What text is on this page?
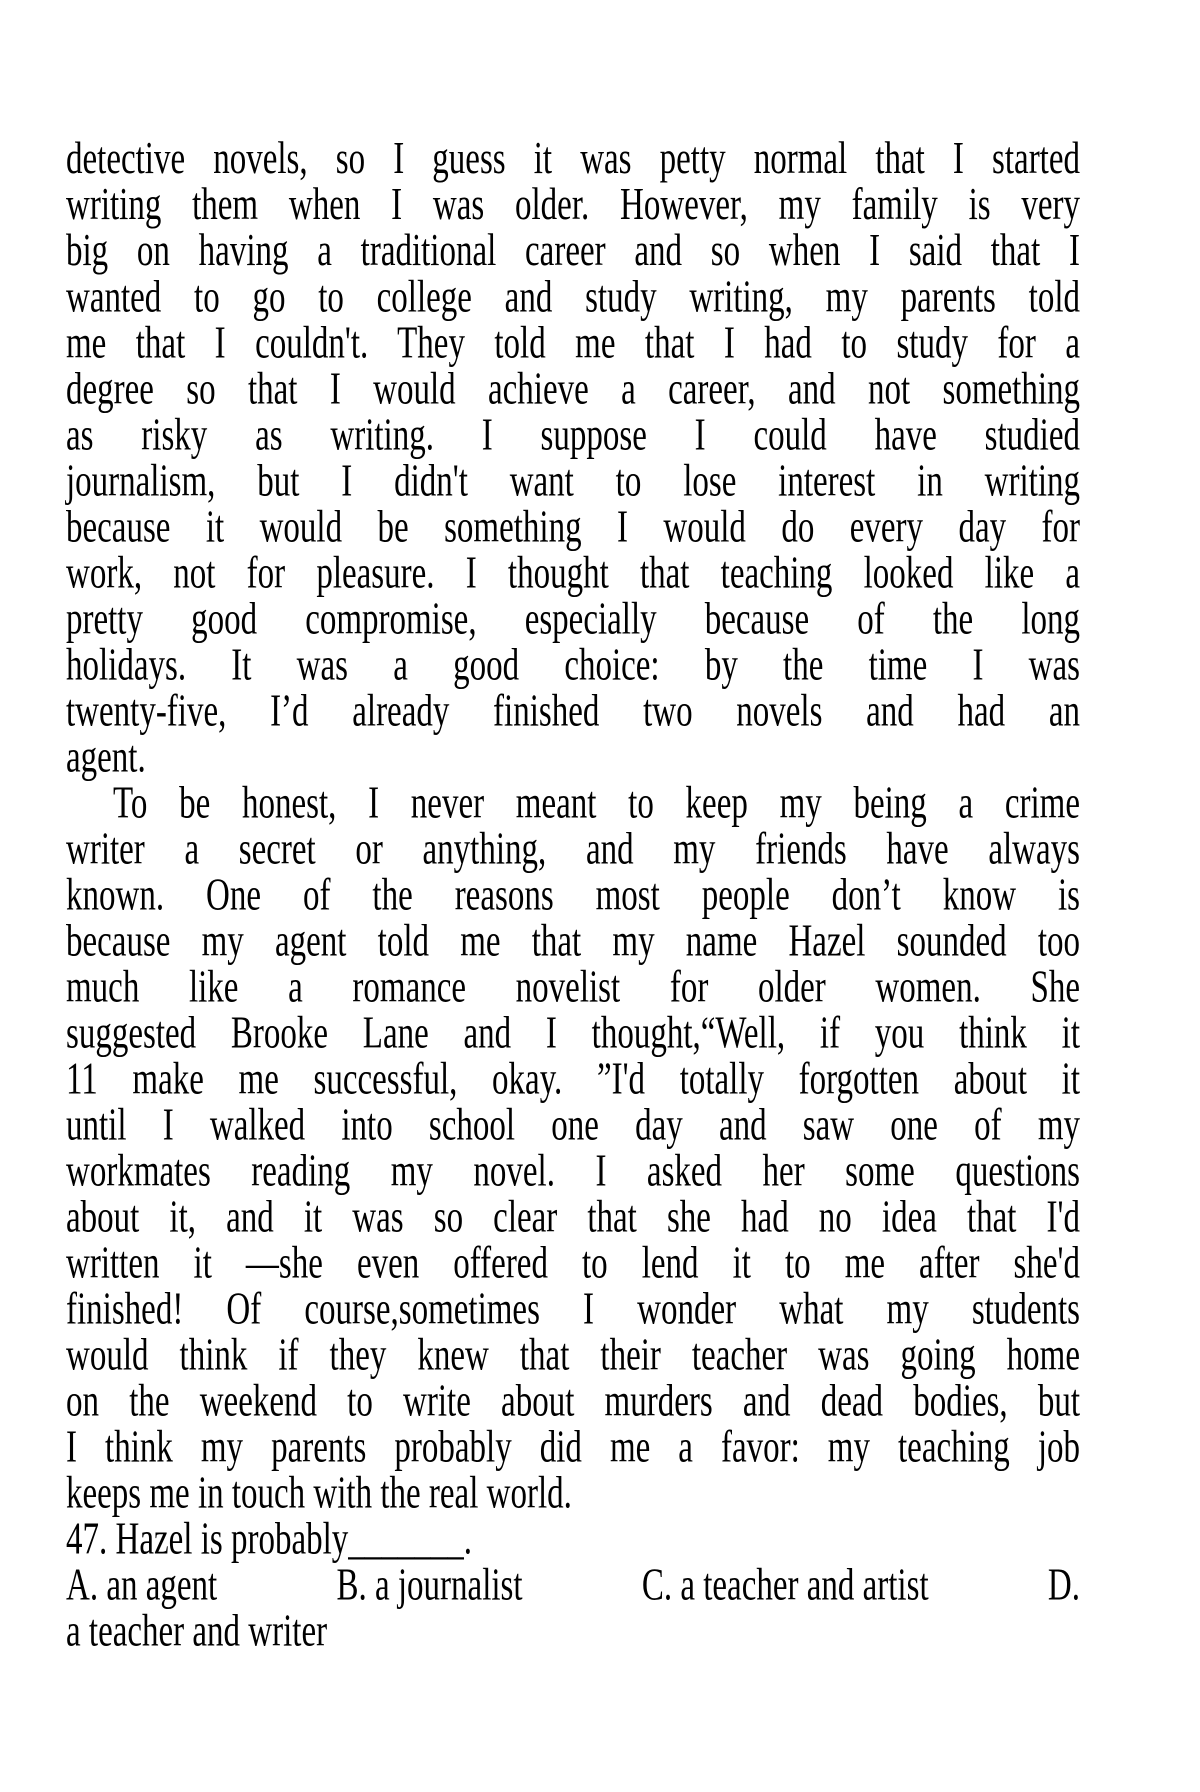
detective novels, so I guess it was petty normal that I started
writing them when I was older. However, my family is very
big on having a traditional career and so when I said that I
wanted to go to college and study writing, my parents told
me that I couldn't. They told me that I had to study for a
degree so that I would achieve a career, and not something
as risky as writing. I suppose I could have studied
journalism, but I didn't want to lose interest in writing
because it would be something I would do every day for
work, not for pleasure. I thought that teaching looked like a
pretty good compromise, especially because of the long
holidays. It was a good choice: by the time I was
twenty-five, I’d already finished two novels and had an
agent.
To be honest, I never meant to keep my being a crime
writer a secret or anything, and my friends have always
known. One of the reasons most people don’t know is
because my agent told me that my name Hazel sounded too
much like a romance novelist for older women. She
suggested Brooke Lane and I thought,“Well, if you think it
11 make me successful, okay. ”I'd totally forgotten about it
until I walked into school one day and saw one of my
workmates reading my novel. I asked her some questions
about it, and it was so clear that she had no idea that I'd
written it —she even offered to lend it to me after she'd
finished! Of course,sometimes I wonder what my students
would think if they knew that their teacher was going home
on the weekend to write about murders and dead bodies, but
I think my parents probably did me a favor: my teaching job
keeps me in touch with the real world.
47. Hazel is probably_______.
A. an agent	B. a journalist	C. a teacher and artist	D.
a teacher and writer
